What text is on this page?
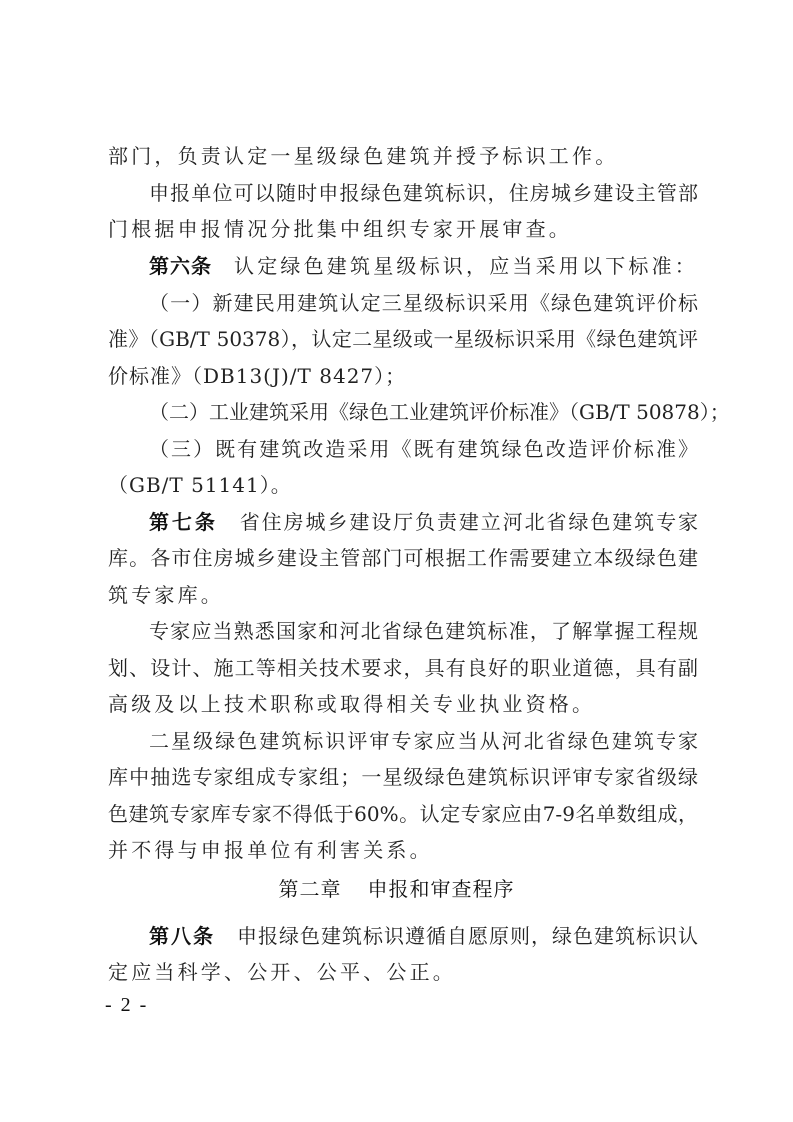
部门，负责认定一星级绿色建筑并授予标识工作。
申报单位可以随时申报绿色建筑标识，住房城乡建设主管部
门根据申报情况分批集中组织专家开展审查。
第六条 认定绿色建筑星级标识，应当采用以下标准：
（一）新建民用建筑认定三星级标识采用《绿色建筑评价标
准》（GB/T 50378），认定二星级或一星级标识采用《绿色建筑评
价标准》（DB13(J)/T 8427）；
（二）工业建筑采用《绿色工业建筑评价标准》（GB/T 50878）；
（三）既有建筑改造采用《既有建筑绿色改造评价标准》
（GB/T 51141）。
第七条 省住房城乡建设厅负责建立河北省绿色建筑专家
库。各市住房城乡建设主管部门可根据工作需要建立本级绿色建
筑专家库。
专家应当熟悉国家和河北省绿色建筑标准，了解掌握工程规
划、设计、施工等相关技术要求，具有良好的职业道德，具有副
高级及以上技术职称或取得相关专业执业资格。
二星级绿色建筑标识评审专家应当从河北省绿色建筑专家
库中抽选专家组成专家组；一星级绿色建筑标识评审专家省级绿
色建筑专家库专家不得低于60%。认定专家应由7-9名单数组成，
并不得与申报单位有利害关系。
第二章 申报和审查程序
第八条 申报绿色建筑标识遵循自愿原则，绿色建筑标识认
定应当科学、公开、公平、公正。
- 2 -
